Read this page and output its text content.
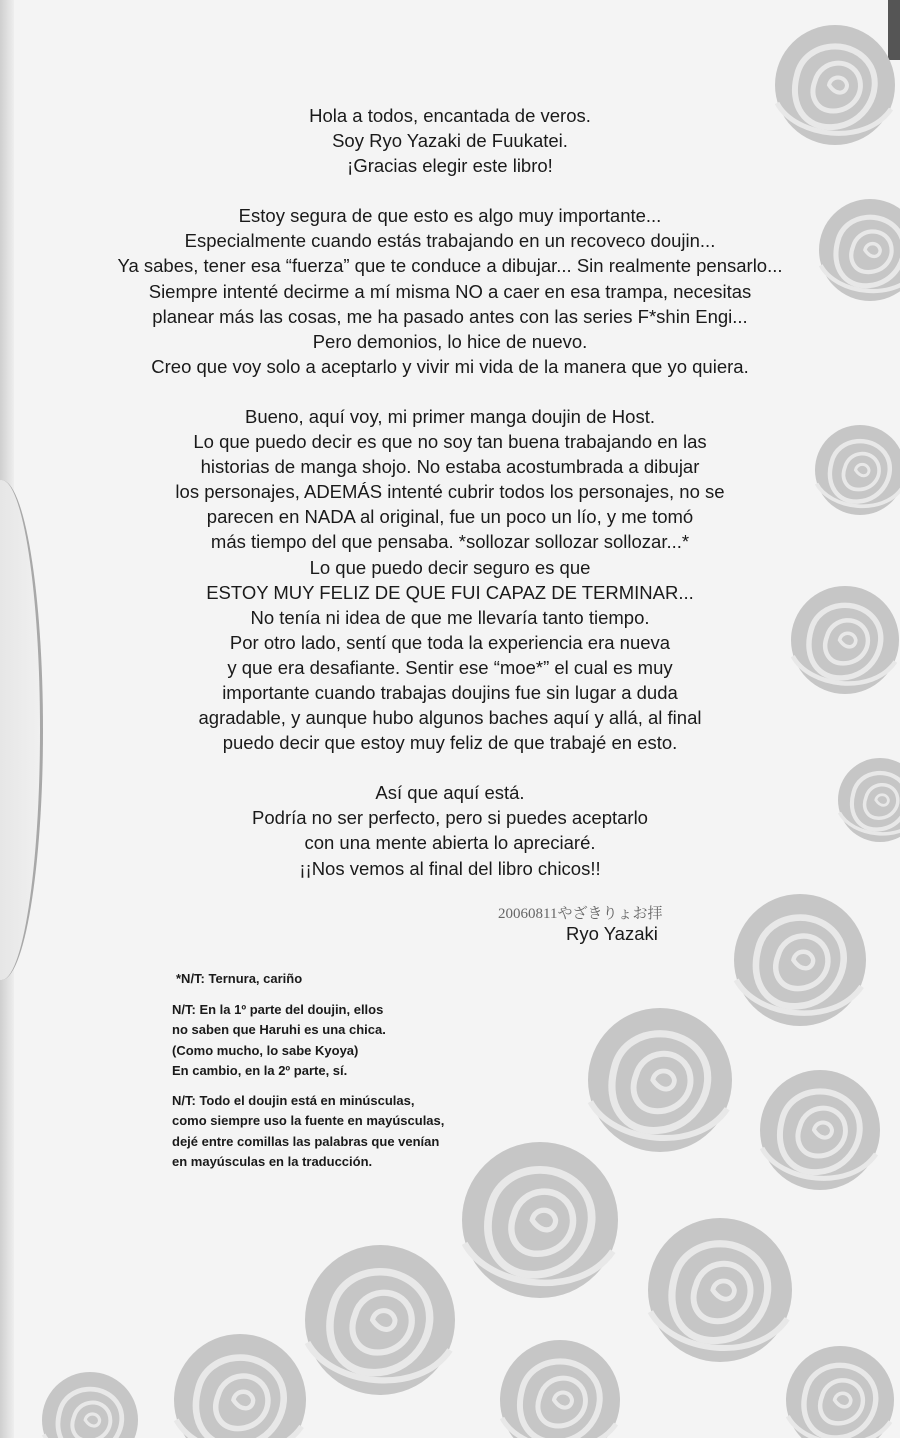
Hola a todos, encantada de veros.
Soy Ryo Yazaki de Fuukatei.
¡Gracias elegir este libro!

Estoy segura de que esto es algo muy importante...
Especialmente cuando estás trabajando en un recoveco doujin...
Ya sabes, tener esa “fuerza” que te conduce a dibujar... Sin realmente pensarlo...
Siempre intenté decirme a mí misma NO a caer en esa trampa, necesitas
planear más las cosas, me ha pasado antes con las series F*shin Engi...
Pero demonios, lo hice de nuevo.
Creo que voy solo a aceptarlo y vivir mi vida de la manera que yo quiera.

Bueno, aquí voy, mi primer manga doujin de Host.
Lo que puedo decir es que no soy tan buena trabajando en las
historias de manga shojo. No estaba acostumbrada a dibujar
los personajes, ADEMÁS intenté cubrir todos los personajes, no se
parecen en NADA al original, fue un poco un lío, y me tomó
más tiempo del que pensaba. *sollozar sollozar sollozar...*
Lo que puedo decir seguro es que
ESTOY MUY FELIZ DE QUE FUI CAPAZ DE TERMINAR...
No tenía ni idea de que me llevaría tanto tiempo.
Por otro lado, sentí que toda la experiencia era nueva
y que era desafiante. Sentir ese “moe*” el cual es muy
importante cuando trabajas doujins fue sin lugar a duda
agradable, y aunque hubo algunos baches aquí y allá, al final
puedo decir que estoy muy feliz de que trabajé en esto.

Así que aquí está.
Podría no ser perfecto, pero si puedes aceptarlo
con una mente abierta lo apreciaré.
¡¡Nos vemos al final del libro chicos!!

20060811やざきりょお拝
Ryo Yazaki
*N/T: Ternura, cariño
N/T: En la 1º parte del doujin, ellos
no saben que Haruhi es una chica.
(Como mucho, lo sabe Kyoya)
En cambio, en la 2º parte, sí.
N/T: Todo el doujin está en minúsculas,
como siempre uso la fuente en mayúsculas,
dejé entre comillas las palabras que venían
en mayúsculas en la traducción.
